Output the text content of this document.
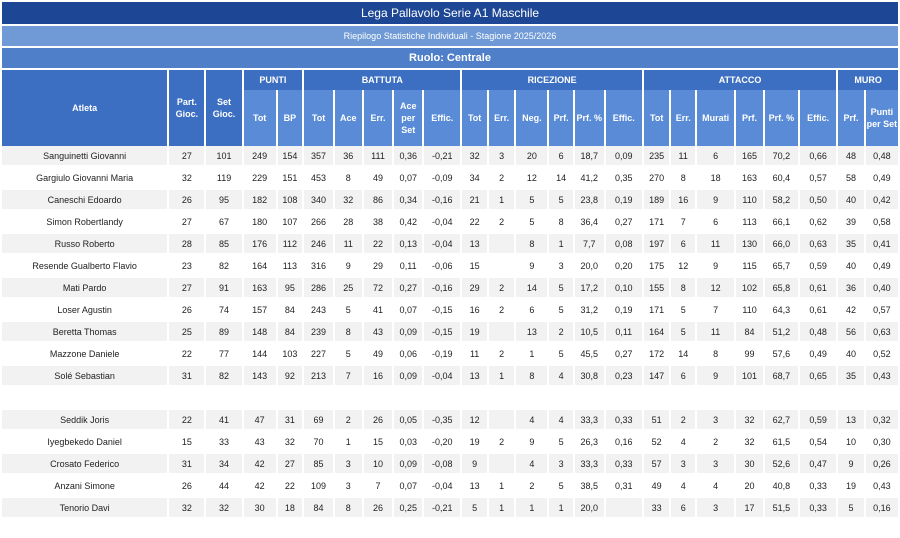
Lega Pallavolo Serie A1 Maschile
Riepilogo Statistiche Individuali - Stagione 2025/2026
Ruolo: Centrale
Atleta	Part. Gioc.	Set Gioc.	PUNTI		BATTUTA					RICEZIONE						ATTACCO						MURO	
			Tot	BP	Tot	Ace	Err.	Ace per Set	Effic.	Tot	Err.	Neg.	Prf.	Prf. %	Effic.	Tot	Err.	Murati	Prf.	Prf. %	Effic.	Prf.	Punti per Set
Sanguinetti Giovanni	27	101	249	154	357	36	111	0,36	-0,21	32	3	20	6	18,7	0,09	235	11	6	165	70,2	0,66	48	0,48
Gargiulo Giovanni Maria	32	119	229	151	453	8	49	0,07	-0,09	34	2	12	14	41,2	0,35	270	8	18	163	60,4	0,57	58	0,49
Caneschi Edoardo	26	95	182	108	340	32	86	0,34	-0,16	21	1	5	5	23,8	0,19	189	16	9	110	58,2	0,50	40	0,42
Simon Robertlandy	27	67	180	107	266	28	38	0,42	-0,04	22	2	5	8	36,4	0,27	171	7	6	113	66,1	0,62	39	0,58
Russo Roberto	28	85	176	112	246	11	22	0,13	-0,04	13		8	1	7,7	0,08	197	6	11	130	66,0	0,63	35	0,41
Resende Gualberto Flavio	23	82	164	113	316	9	29	0,11	-0,06	15		9	3	20,0	0,20	175	12	9	115	65,7	0,59	40	0,49
Mati Pardo	27	91	163	95	286	25	72	0,27	-0,16	29	2	14	5	17,2	0,10	155	8	12	102	65,8	0,61	36	0,40
Loser Agustin	26	74	157	84	243	5	41	0,07	-0,15	16	2	6	5	31,2	0,19	171	5	7	110	64,3	0,61	42	0,57
Beretta Thomas	25	89	148	84	239	8	43	0,09	-0,15	19		13	2	10,5	0,11	164	5	11	84	51,2	0,48	56	0,63
Mazzone Daniele	22	77	144	103	227	5	49	0,06	-0,19	11	2	1	5	45,5	0,27	172	14	8	99	57,6	0,49	40	0,52
Solé Sebastian	31	82	143	92	213	7	16	0,09	-0,04	13	1	8	4	30,8	0,23	147	6	9	101	68,7	0,65	35	0,43

Seddik Joris	22	41	47	31	69	2	26	0,05	-0,35	12		4	4	33,3	0,33	51	2	3	32	62,7	0,59	13	0,32
Iyegbekedo Daniel	15	33	43	32	70	1	15	0,03	-0,20	19	2	9	5	26,3	0,16	52	4	2	32	61,5	0,54	10	0,30
Crosato Federico	31	34	42	27	85	3	10	0,09	-0,08	9		4	3	33,3	0,33	57	3	3	30	52,6	0,47	9	0,26
Anzani Simone	26	44	42	22	109	3	7	0,07	-0,04	13	1	2	5	38,5	0,31	49	4	4	20	40,8	0,33	19	0,43
Tenorio Davi	32	32	30	18	84	8	26	0,25	-0,21	5	1	1	1	20,0		33	6	3	17	51,5	0,33	5	0,16
